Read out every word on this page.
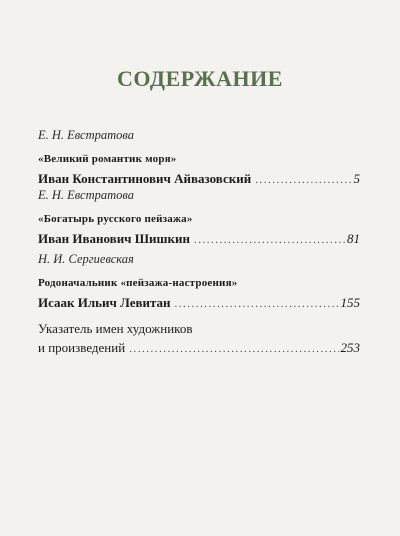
СОДЕРЖАНИЕ
Е. Н. Евстратова
«Великий романтик моря»
Иван Константинович Айвазовский .....	5
Е. Н. Евстратова
«Богатырь русского пейзажа»
Иван Иванович Шишкин .....	81
Н. И. Сергиевская
Родоначальник «пейзажа-настроения»
Исаак Ильич Левитан .....	155
Указатель имен художников
и произведений .....	253
